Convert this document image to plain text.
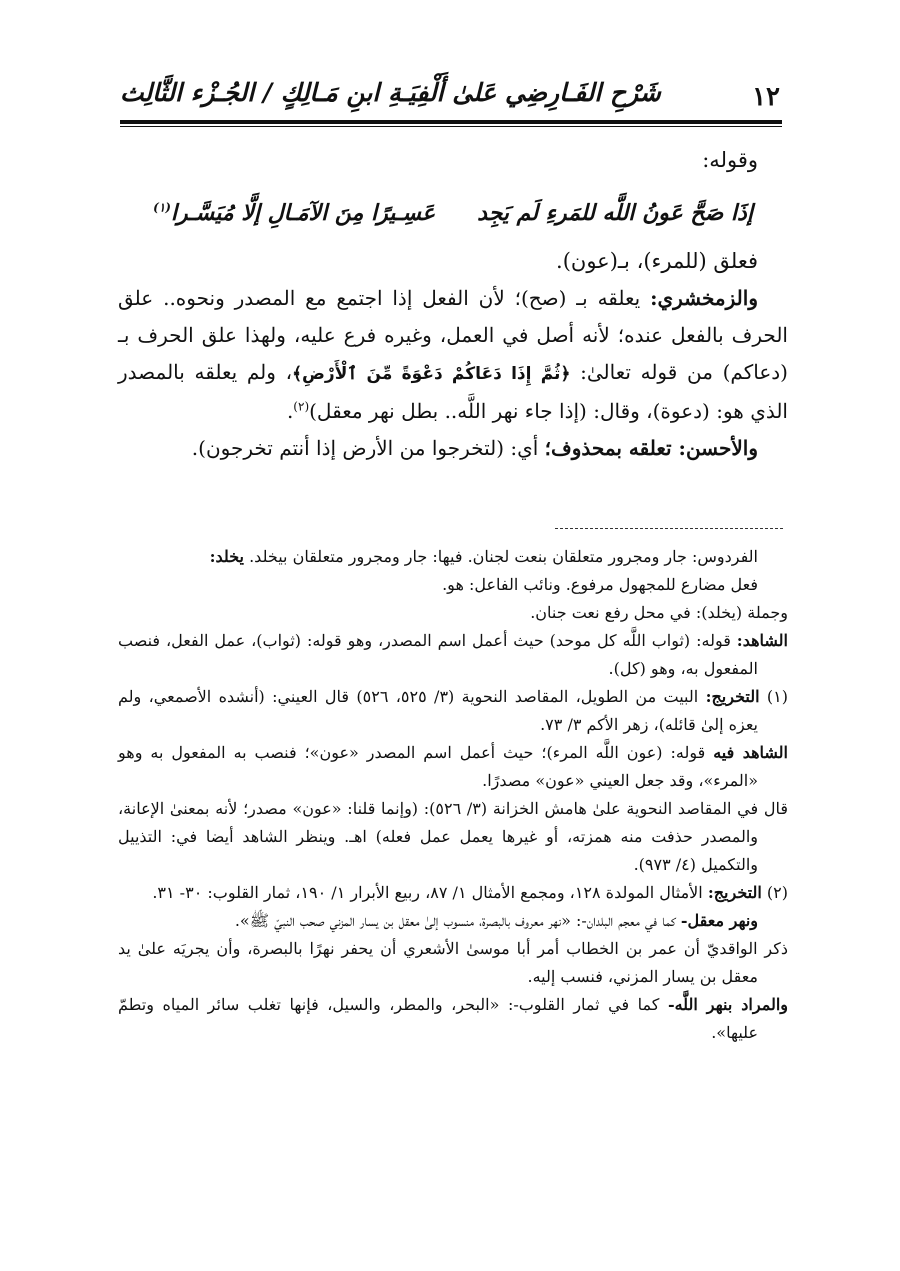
١٢
شَرْحِ الفَـارِضِي عَلىٰ أَلْفِيَـةِ ابنِ مَـالِكٍ / الجُـزْء الثَّالِث

وقوله:

إذَا صَحَّ عَونُ اللَّه للمَرءِ لَم يَجِد
عَسِـيرًا مِنَ الآمَـالِ إلَّا مُيَسَّـرا$^{(١)}$

فعلق (للمرء)، بـ(عون).

والزمخشري: يعلقه بـ (صح)؛ لأن الفعل إذا اجتمع مع المصدر ونحوه.. علق الحرف بالفعل عنده؛ لأنه أصل في العمل، وغيره فرع عليه، ولهذا علق الحرف بـ (دعاكم) من قوله تعالىٰ: ﴿ثُمَّ إِذَا دَعَاكُمْ دَعْوَةً مِّنَ ٱلْأَرْضِ﴾، ولم يعلقه بالمصدر الذي هو: (دعوة)، وقال: (إذا جاء نهر اللَّه.. بطل نهر معقل)$^{(٢)}$.

والأحسن: تعلقه بمحذوف؛ أي: (لتخرجوا من الأرض إذا أنتم تخرجون).

الفردوس: جار ومجرور متعلقان بنعت لجنان. فيها: جار ومجرور متعلقان بيخلد. يخلد:

فعل مضارع للمجهول مرفوع. ونائب الفاعل: هو.

وجملة (يخلد): في محل رفع نعت جنان.

الشاهد: قوله: (ثواب اللَّه كل موحد) حيث أعمل اسم المصدر، وهو قوله: (ثواب)، عمل الفعل، فنصب المفعول به، وهو (كل).

(١) التخريج: البيت من الطويل، المقاصد النحوية (٣/ ٥٢٥، ٥٢٦) قال العيني: (أنشده الأصمعي، ولم يعزه إلىٰ قائله)، زهر الأكم ٣/ ٧٣.

الشاهد فيه قوله: (عون اللَّه المرء)؛ حيث أعمل اسم المصدر «عون»؛ فنصب به المفعول به وهو «المرء»، وقد جعل العيني «عون» مصدرًا.

قال في المقاصد النحوية علىٰ هامش الخزانة (٣/ ٥٢٦): (وإنما قلنا: «عون» مصدر؛ لأنه بمعنىٰ الإعانة، والمصدر حذفت منه همزته، أو غيرها يعمل عمل فعله) اهـ. وينظر الشاهد أيضا في: التذييل والتكميل (٤/ ٩٧٣).

(٢) التخريج: الأمثال المولدة ١٢٨، ومجمع الأمثال ١/ ٨٧، ربيع الأبرار ١/ ١٩٠، ثمار القلوب: ٣٠- ٣١.

ونهر معقل- كما في معجم البلدان-: «نهر معروف بالبصرة، منسوب إلىٰ معقل بن يسار المزني صحب النبيّ ﷺ».

ذكر الواقديّ أن عمر بن الخطاب أمر أبا موسىٰ الأشعري أن يحفر نهرًا بالبصرة، وأن يجريَه علىٰ يد معقل بن يسار المزني، فنسب إليه.

والمراد بنهر اللَّه- كما في ثمار القلوب-: «البحر، والمطر، والسيل، فإنها تغلب سائر المياه وتطمّ عليها».
